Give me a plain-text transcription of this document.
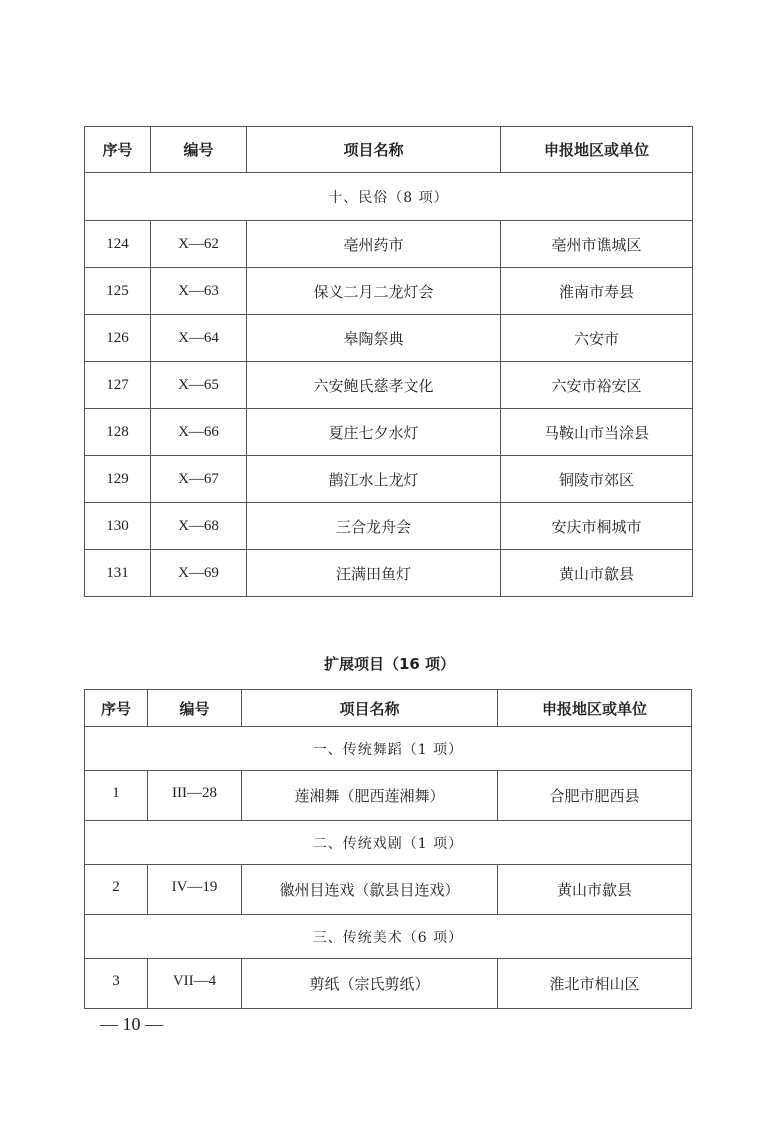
序号	编号	项目名称	申报地区或单位
十、民俗（8 项）			
124	X—62	亳州药市	亳州市谯城区
125	X—63	保义二月二龙灯会	淮南市寿县
126	X—64	皋陶祭典	六安市
127	X—65	六安鲍氏慈孝文化	六安市裕安区
128	X—66	夏庄七夕水灯	马鞍山市当涂县
129	X—67	鹊江水上龙灯	铜陵市郊区
130	X—68	三合龙舟会	安庆市桐城市
131	X—69	汪满田鱼灯	黄山市歙县
扩展项目（16 项）
序号	编号	项目名称	申报地区或单位
一、传统舞蹈（1 项）			
1	III—28	莲湘舞（肥西莲湘舞）	合肥市肥西县
二、传统戏剧（1 项）			
2	IV—19	徽州目连戏（歙县目连戏）	黄山市歙县
三、传统美术（6 项）			
3	VII—4	剪纸（宗氏剪纸）	淮北市相山区
— 10 —
